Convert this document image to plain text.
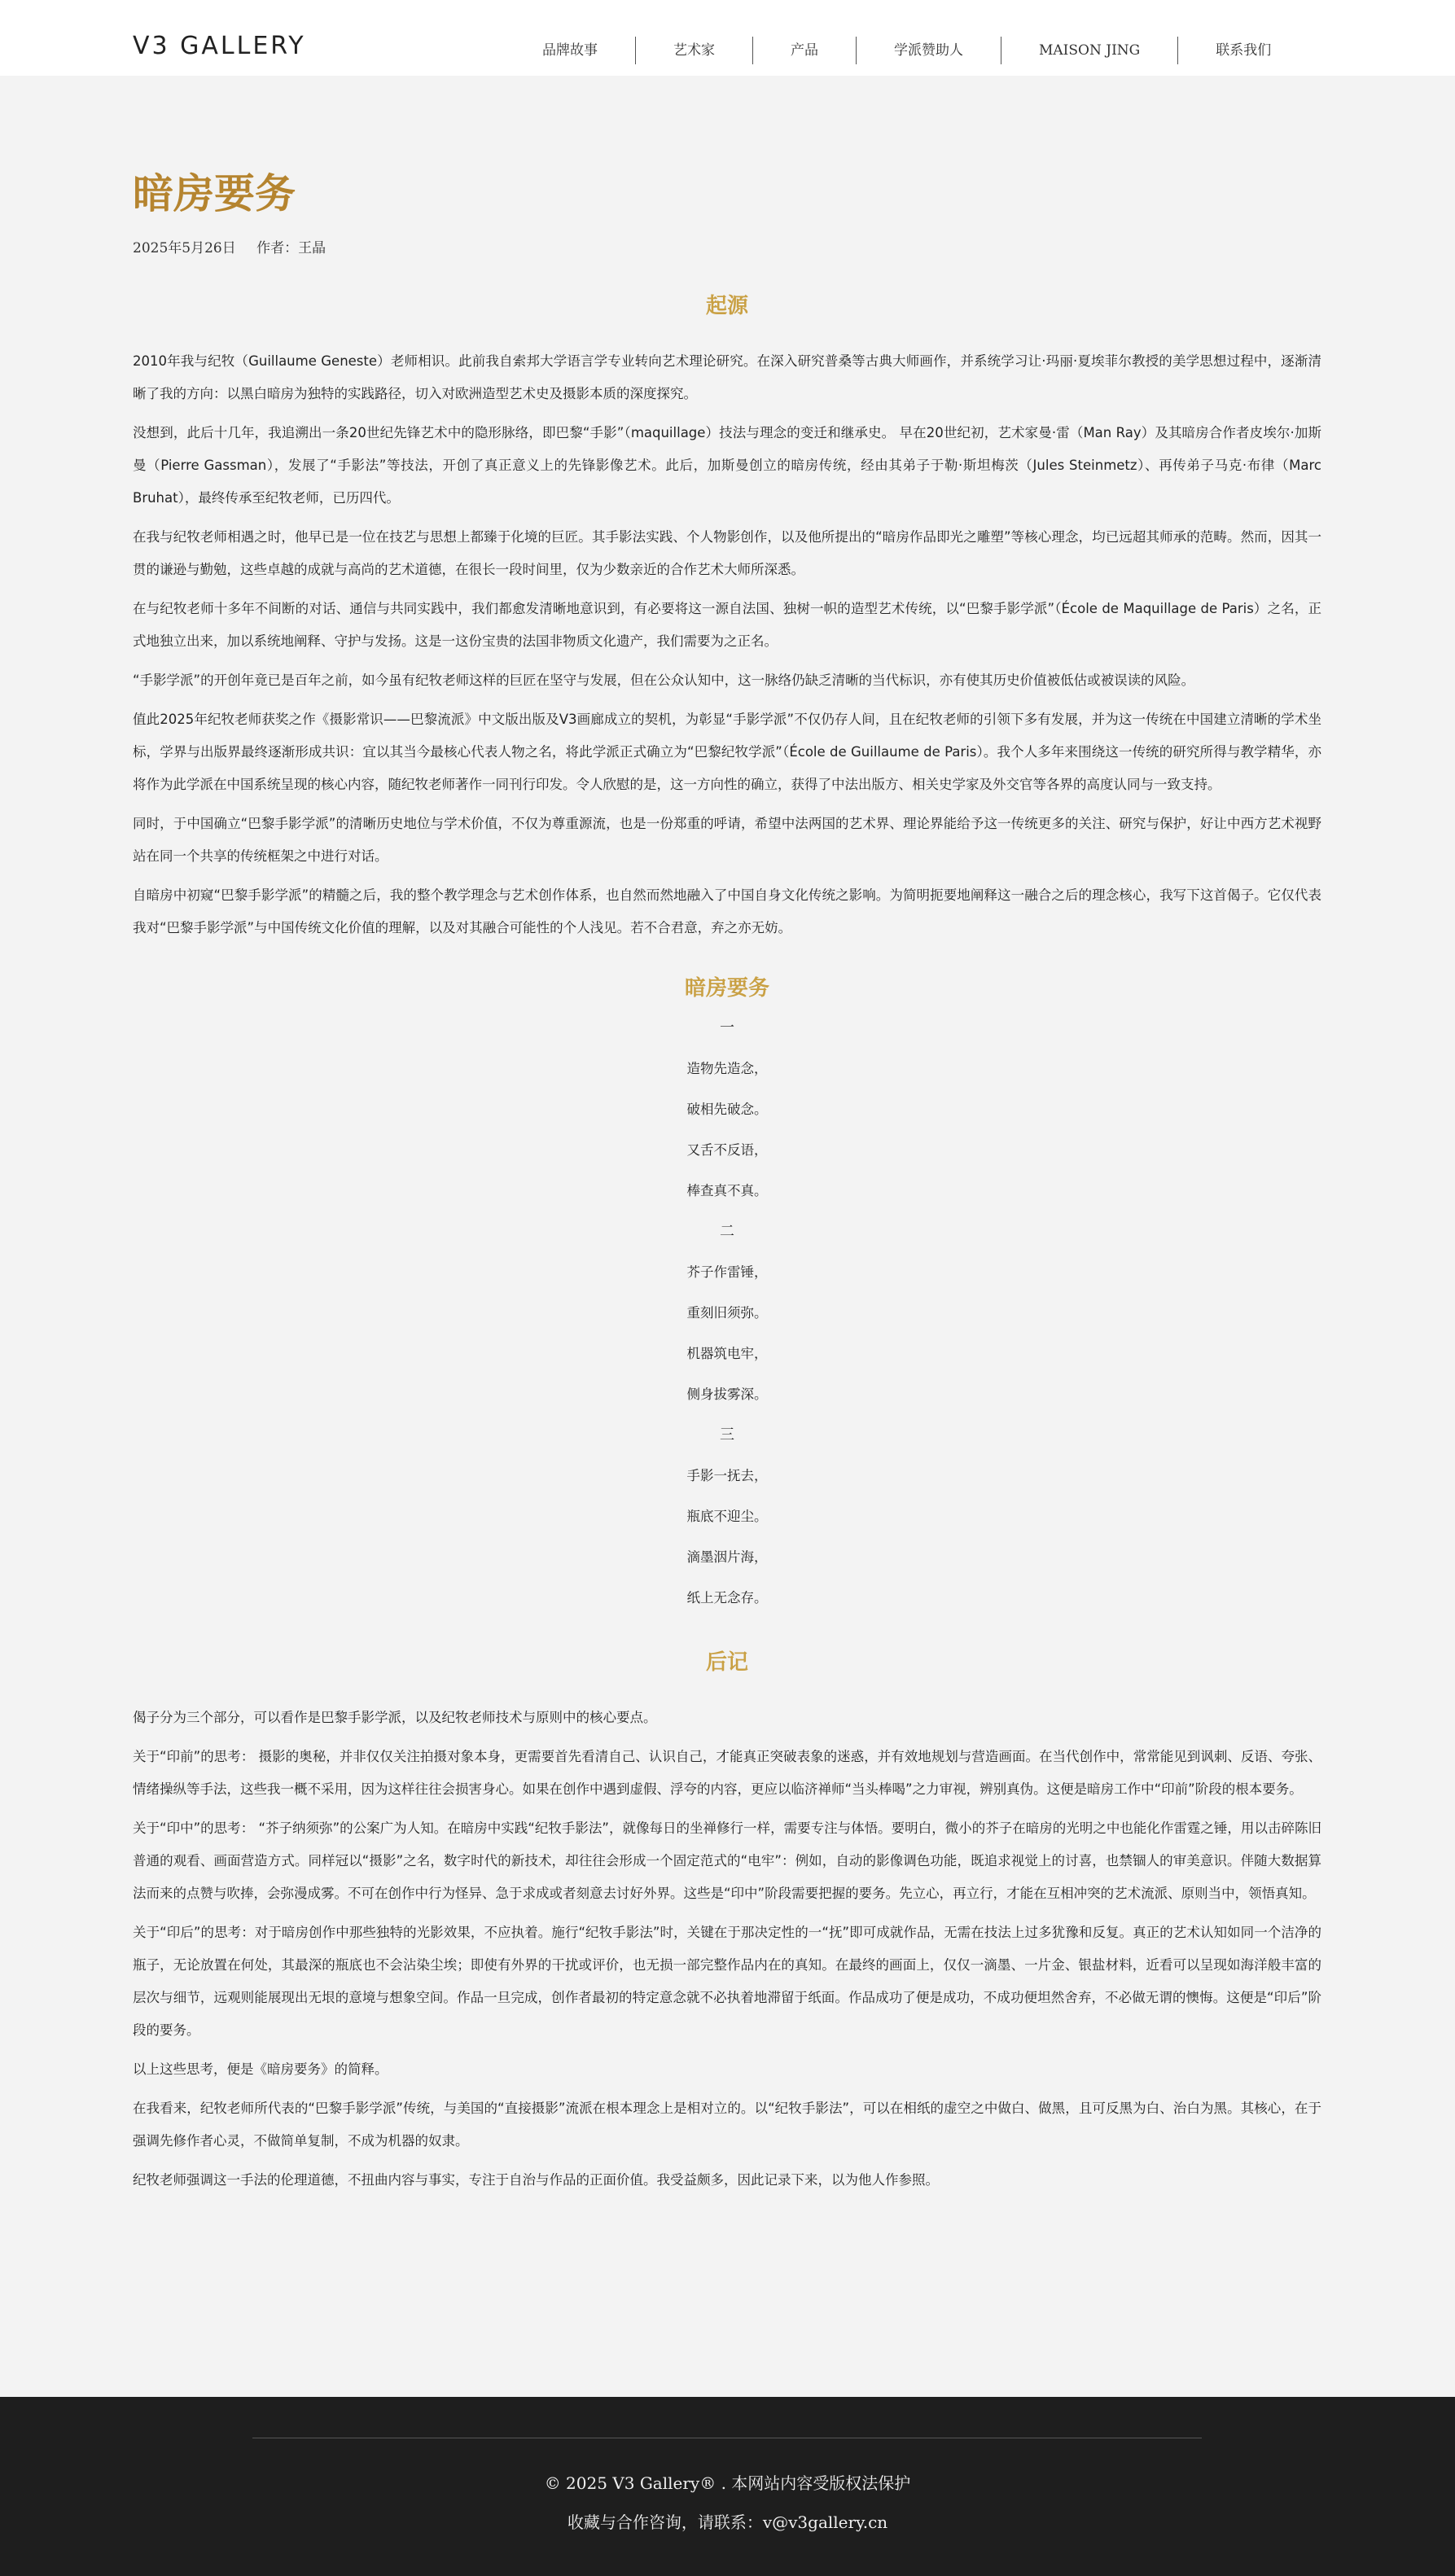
V3 GALLERY	品牌故事	艺术家	产品	学派赞助人	MAISON JING	联系我们
暗房要务
2025年5月26日 作者：王晶
起源

2010年我与纪牧（Guillaume Geneste）老师相识。此前我自索邦大学语言学专业转向艺术理论研究。在深入研究普桑等古典大师画作，并系统学习让·玛丽·夏埃菲尔教授的美学思想过程中，逐渐清晰了我的方向：以黑白暗房为独特的实践路径，切入对欧洲造型艺术史及摄影本质的深度探究。

没想到，此后十几年，我追溯出一条20世纪先锋艺术中的隐形脉络，即巴黎“手影”（maquillage）技法与理念的变迁和继承史。 早在20世纪初，艺术家曼·雷（Man Ray）及其暗房合作者皮埃尔·加斯曼（Pierre Gassman），发展了“手影法”等技法，开创了真正意义上的先锋影像艺术。此后，加斯曼创立的暗房传统，经由其弟子于勒·斯坦梅茨（Jules Steinmetz）、再传弟子马克·布律（Marc Bruhat），最终传承至纪牧老师，已历四代。

在我与纪牧老师相遇之时，他早已是一位在技艺与思想上都臻于化境的巨匠。其手影法实践、个人物影创作，以及他所提出的“暗房作品即光之雕塑”等核心理念，均已远超其师承的范畴。然而，因其一贯的谦逊与勤勉，这些卓越的成就与高尚的艺术道德，在很长一段时间里，仅为少数亲近的合作艺术大师所深悉。

在与纪牧老师十多年不间断的对话、通信与共同实践中，我们都愈发清晰地意识到，有必要将这一源自法国、独树一帜的造型艺术传统，以“巴黎手影学派”（École de Maquillage de Paris）之名，正式地独立出来，加以系统地阐释、守护与发扬。这是一这份宝贵的法国非物质文化遗产，我们需要为之正名。

“手影学派”的开创年竟已是百年之前，如今虽有纪牧老师这样的巨匠在坚守与发展，但在公众认知中，这一脉络仍缺乏清晰的当代标识，亦有使其历史价值被低估或被误读的风险。

值此2025年纪牧老师获奖之作《摄影常识——巴黎流派》中文版出版及V3画廊成立的契机，为彰显“手影学派”不仅仍存人间，且在纪牧老师的引领下多有发展，并为这一传统在中国建立清晰的学术坐标，学界与出版界最终逐渐形成共识：宜以其当今最核心代表人物之名，将此学派正式确立为“巴黎纪牧学派”（École de Guillaume de Paris）。我个人多年来围绕这一传统的研究所得与教学精华，亦将作为此学派在中国系统呈现的核心内容，随纪牧老师著作一同刊行印发。令人欣慰的是，这一方向性的确立，获得了中法出版方、相关史学家及外交官等各界的高度认同与一致支持。

同时，于中国确立“巴黎手影学派”的清晰历史地位与学术价值，不仅为尊重源流，也是一份郑重的呼请，希望中法两国的艺术界、理论界能给予这一传统更多的关注、研究与保护，好让中西方艺术视野站在同一个共享的传统框架之中进行对话。

自暗房中初窥“巴黎手影学派”的精髓之后，我的整个教学理念与艺术创作体系，也自然而然地融入了中国自身文化传统之影响。为简明扼要地阐释这一融合之后的理念核心，我写下这首偈子。它仅代表我对“巴黎手影学派”与中国传统文化价值的理解，以及对其融合可能性的个人浅见。若不合君意，弃之亦无妨。

暗房要务
一
造物先造念，
破相先破念。
又舌不反语，
棒查真不真。
二
芥子作雷锤，
重刻旧须弥。
机器筑电牢，
侧身拔雾深。
三
手影一抚去，
瓶底不迎尘。
滴墨洇片海，
纸上无念存。
后记

偈子分为三个部分，可以看作是巴黎手影学派，以及纪牧老师技术与原则中的核心要点。

关于“印前”的思考： 摄影的奥秘，并非仅仅关注拍摄对象本身，更需要首先看清自己、认识自己，才能真正突破表象的迷惑，并有效地规划与营造画面。在当代创作中，常常能见到讽刺、反语、夸张、情绪操纵等手法，这些我一概不采用，因为这样往往会损害身心。如果在创作中遇到虚假、浮夸的内容，更应以临济禅师“当头棒喝”之力审视，辨别真伪。这便是暗房工作中“印前”阶段的根本要务。

关于“印中”的思考： “芥子纳须弥”的公案广为人知。在暗房中实践“纪牧手影法”，就像每日的坐禅修行一样，需要专注与体悟。要明白，微小的芥子在暗房的光明之中也能化作雷霆之锤，用以击碎陈旧普通的观看、画面营造方式。同样冠以“摄影”之名，数字时代的新技术，却往往会形成一个固定范式的“电牢”：例如，自动的影像调色功能，既追求视觉上的讨喜，也禁锢人的审美意识。伴随大数据算法而来的点赞与吹捧，会弥漫成雾。不可在创作中行为怪异、急于求成或者刻意去讨好外界。这些是“印中”阶段需要把握的要务。先立心，再立行，才能在互相冲突的艺术流派、原则当中，领悟真知。

关于“印后”的思考：对于暗房创作中那些独特的光影效果，不应执着。施行“纪牧手影法”时，关键在于那决定性的一“抚”即可成就作品，无需在技法上过多犹豫和反复。真正的艺术认知如同一个洁净的瓶子，无论放置在何处，其最深的瓶底也不会沾染尘埃；即使有外界的干扰或评价，也无损一部完整作品内在的真知。在最终的画面上，仅仅一滴墨、一片金、银盐材料，近看可以呈现如海洋般丰富的层次与细节，远观则能展现出无垠的意境与想象空间。作品一旦完成，创作者最初的特定意念就不必执着地滞留于纸面。作品成功了便是成功，不成功便坦然舍弃，不必做无谓的懊悔。这便是“印后”阶段的要务。

以上这些思考，便是《暗房要务》的简释。

在我看来，纪牧老师所代表的“巴黎手影学派”传统，与美国的“直接摄影”流派在根本理念上是相对立的。以“纪牧手影法”，可以在相纸的虚空之中做白、做黑，且可反黑为白、治白为黑。其核心，在于强调先修作者心灵，不做简单复制，不成为机器的奴隶。

纪牧老师强调这一手法的伦理道德，不扭曲内容与事实，专注于自治与作品的正面价值。我受益颇多，因此记录下来，以为他人作参照。

© 2025 V3 Gallery® . 本网站内容受版权法保护
收藏与合作咨询，请联系：v@v3gallery.cn
